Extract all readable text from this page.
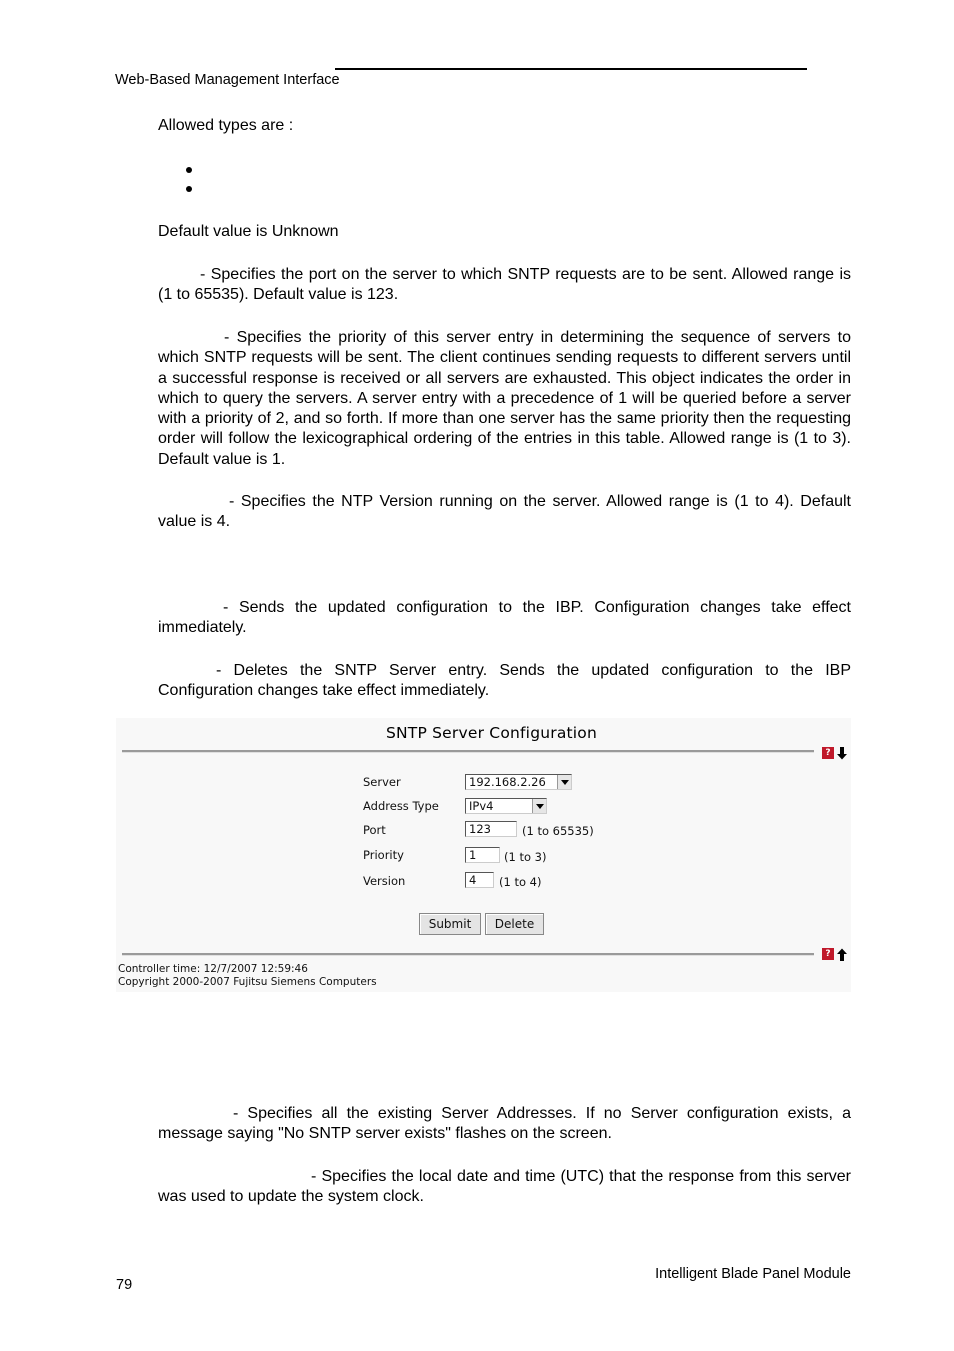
Web-Based Management Interface
Allowed types are :
Default value is Unknown
- Specifies the port on the server to which SNTP requests are to be sent. Allowed range is (1 to 65535). Default value is 123.
- Specifies the priority of this server entry in determining the sequence of servers to which SNTP requests will be sent. The client continues sending requests to different servers until a successful response is received or all servers are exhausted. This object indicates the order in which to query the servers. A server entry with a precedence of 1 will be queried before a server with a priority of 2, and so forth. If more than one server has the same priority then the requesting order will follow the lexicographical ordering of the entries in this table. Allowed range is (1 to 3). Default value is 1.
- Specifies the NTP Version running on the server. Allowed range is (1 to 4). Default value is 4.
- Sends the updated configuration to the IBP. Configuration changes take effect immediately.
- Deletes the SNTP Server entry. Sends the updated configuration to the IBP Configuration changes take effect immediately.
SNTP Server Configuration
?
Server	192.168.2.26
Address Type	IPv4
Port	123	(1 to 65535)
Priority	1	(1 to 3)
Version	4	(1 to 4)
Submit	Delete
?
Controller time: 12/7/2007 12:59:46
Copyright 2000-2007 Fujitsu Siemens Computers
- Specifies all the existing Server Addresses. If no Server configuration exists, a message saying "No SNTP server exists" flashes on the screen.
- Specifies the local date and time (UTC) that the response from this server was used to update the system clock.
79
Intelligent Blade Panel Module
